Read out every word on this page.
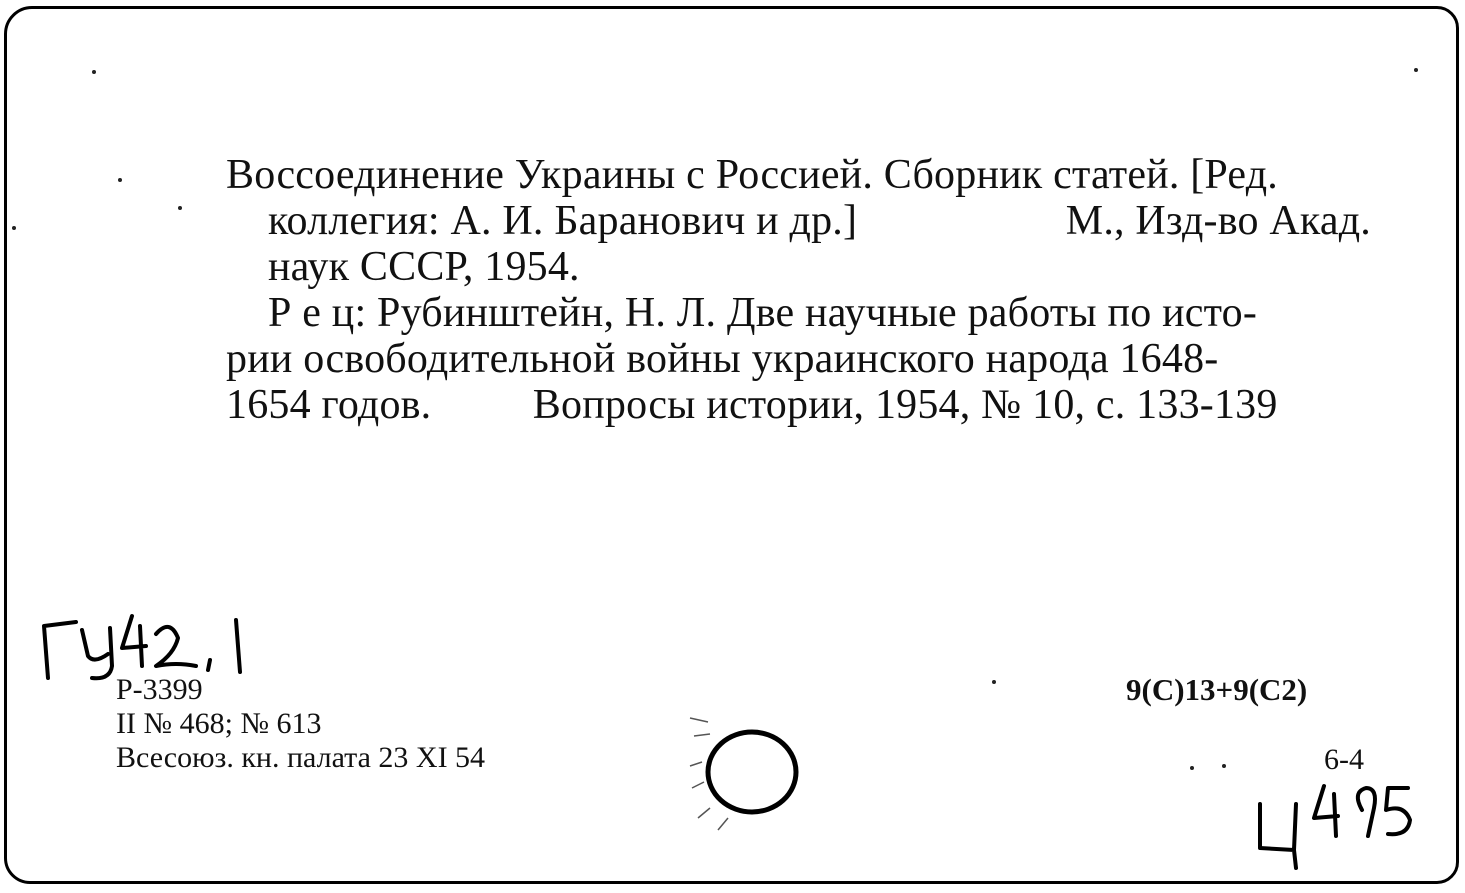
Воссоединение Украины с Россией. Сборник статей. [Ред.
коллегия: А. И. Баранович и др.]	М., Изд-во Акад.
наук СССР, 1954.
Р е ц: Рубинштейн, Н. Л. Две научные работы по исто-
рии освободительной войны украинского народа 1648-
1654 годов. Вопросы истории, 1954, № 10, с. 133-139
Р-3399
II № 468; № 613
Всесоюз. кн. палата 23 XI 54
9(С)13+9(С2)
6-4
